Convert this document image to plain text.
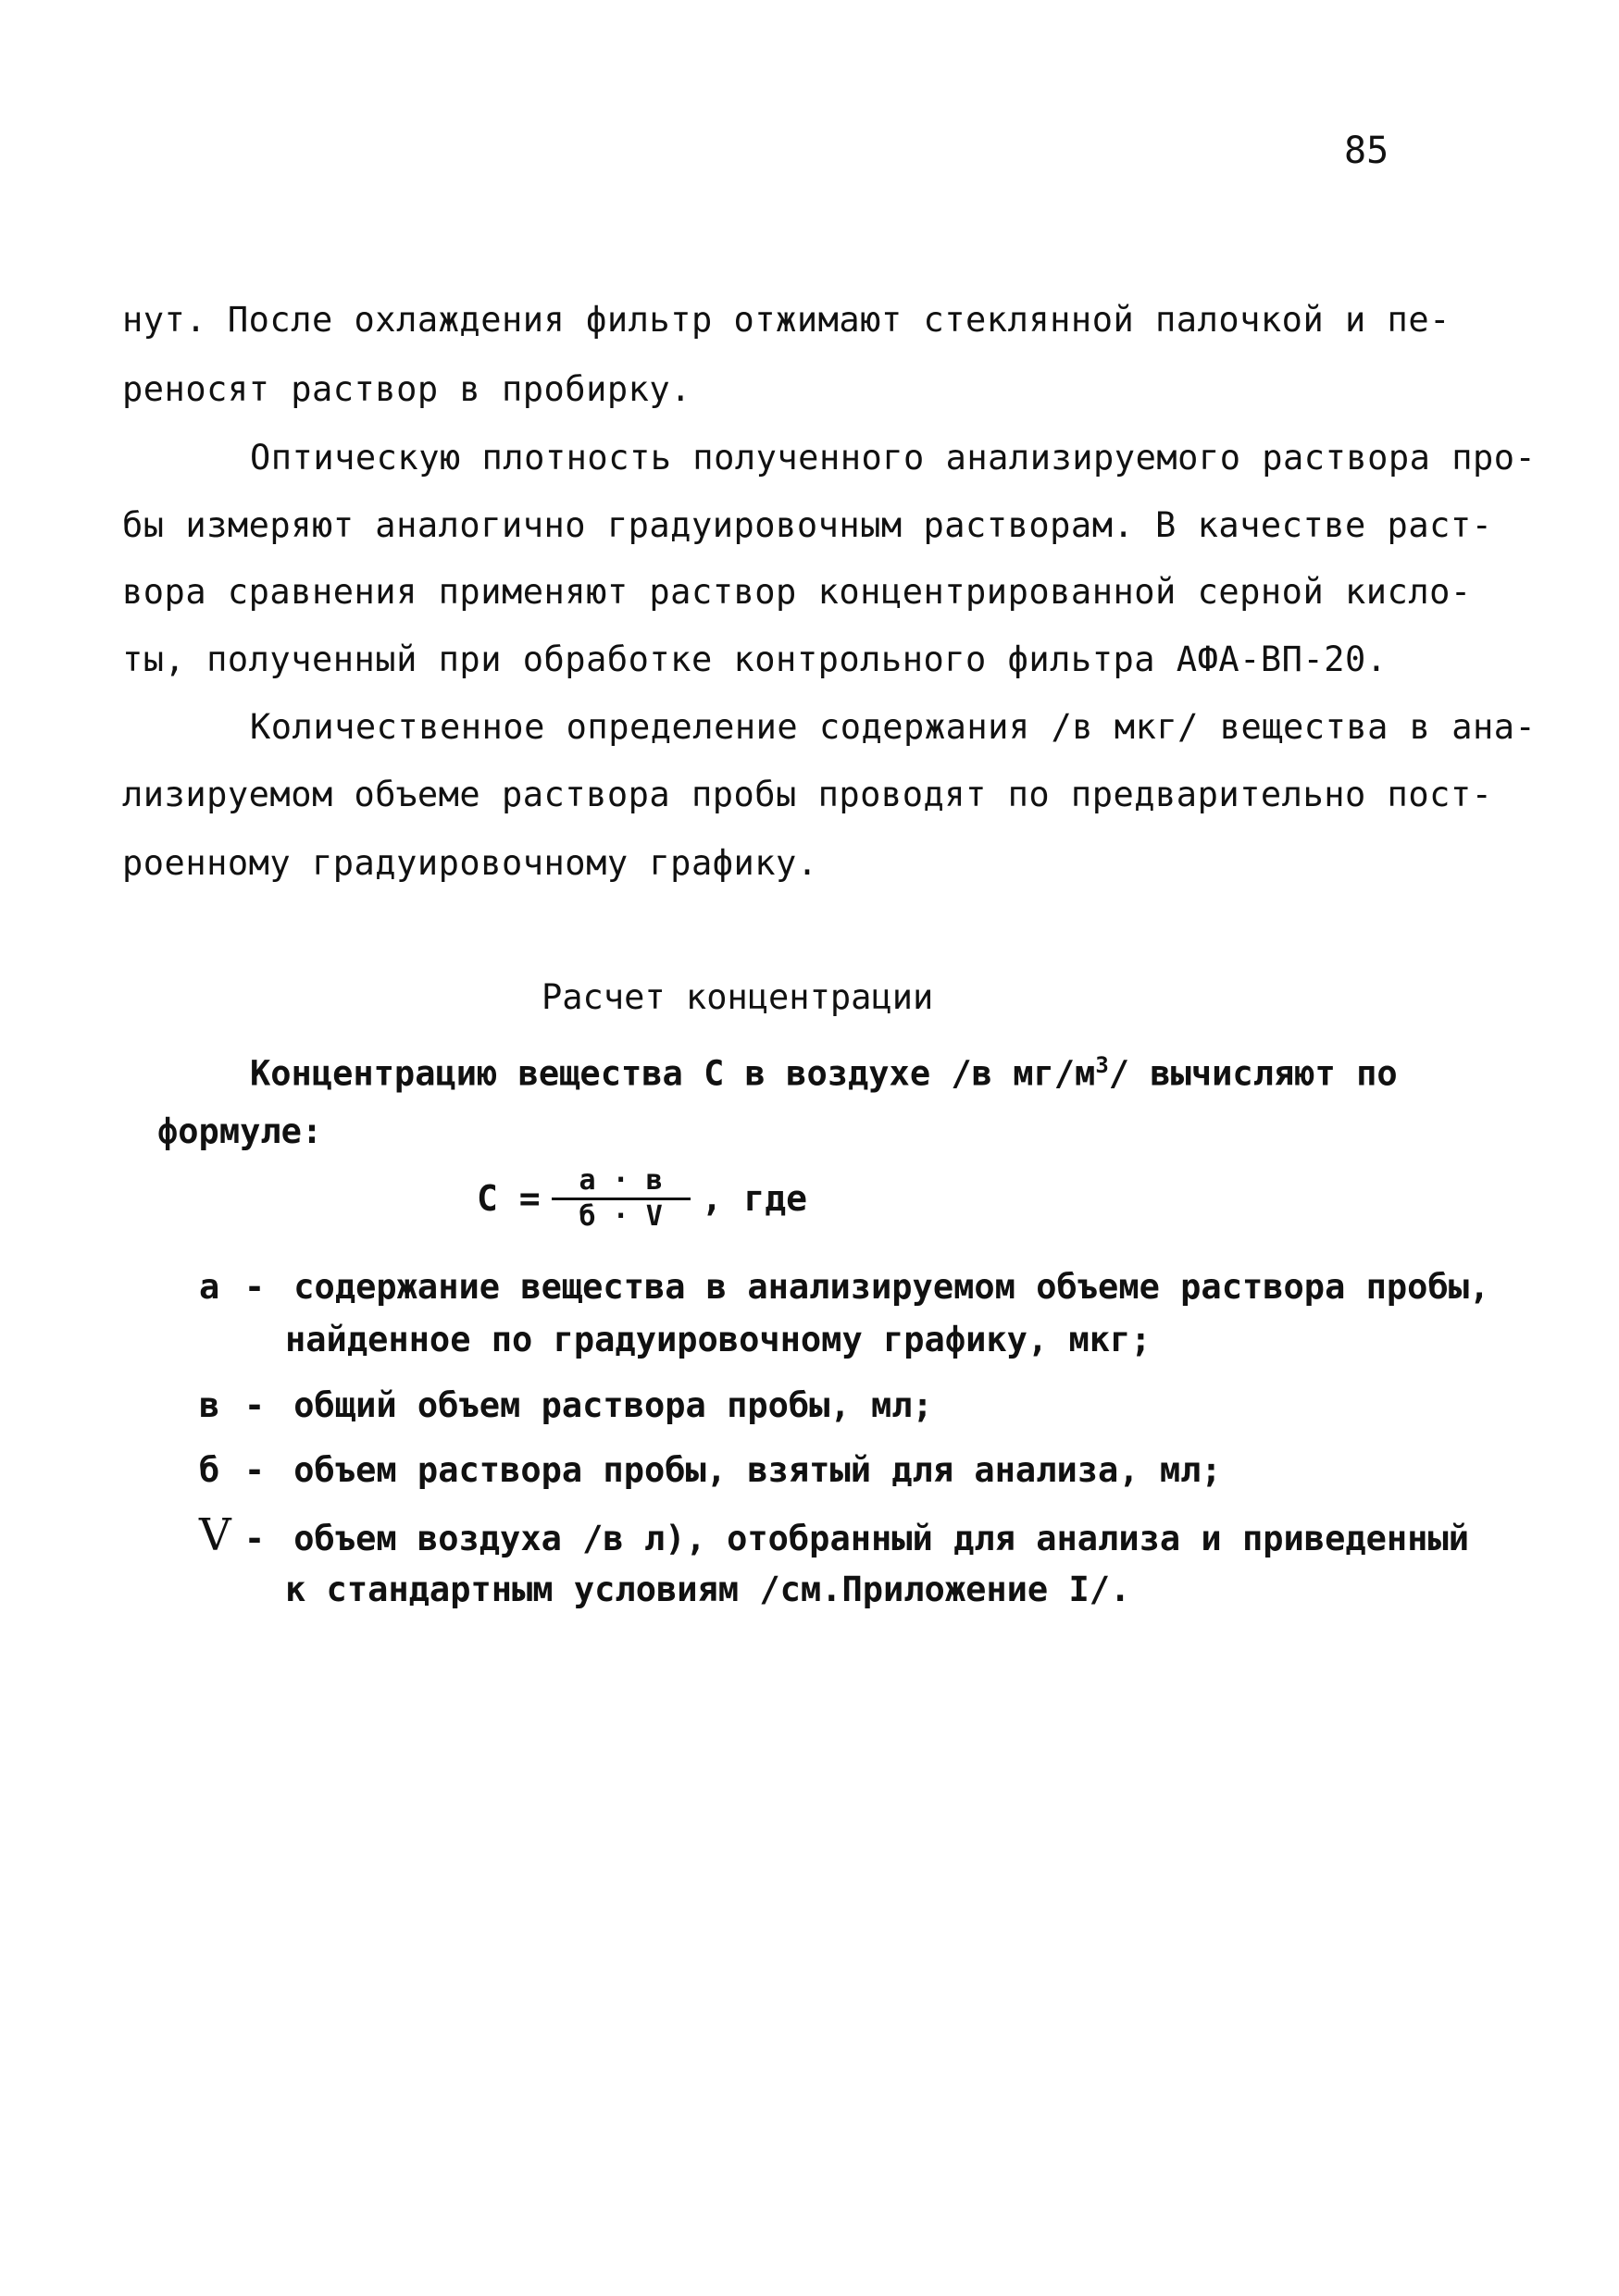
85
нут. После охлаждения фильтр отжимают стеклянной палочкой и пе-
реносят раствор в пробирку.
Оптическую плотность полученного анализируемого раствора про-
бы измеряют аналогично градуировочным растворам. В качестве раст-
вора сравнения применяют раствор концентрированной серной кисло-
ты, полученный при обработке контрольного фильтра АФА-ВП-20.
Количественное определение содержания /в мкг/ вещества в ана-
лизируемом объеме раствора пробы проводят по предварительно пост-
роенному градуировочному графику.
Расчет концентрации
Концентрацию вещества С в воздухе /в $мг/м^3/$ вычисляют по
формуле:
$С = \frac{а \cdot в}{б \cdot V}$ , где
а - содержание вещества в анализируемом объеме раствора пробы,
найденное по градуировочному графику, мкг;
в - общий объем раствора пробы, мл;
б - объем раствора пробы, взятый для анализа, мл;
V - объем воздуха /в л), отобранный для анализа и приведенный
к стандартным условиям /см.Приложение I/.
